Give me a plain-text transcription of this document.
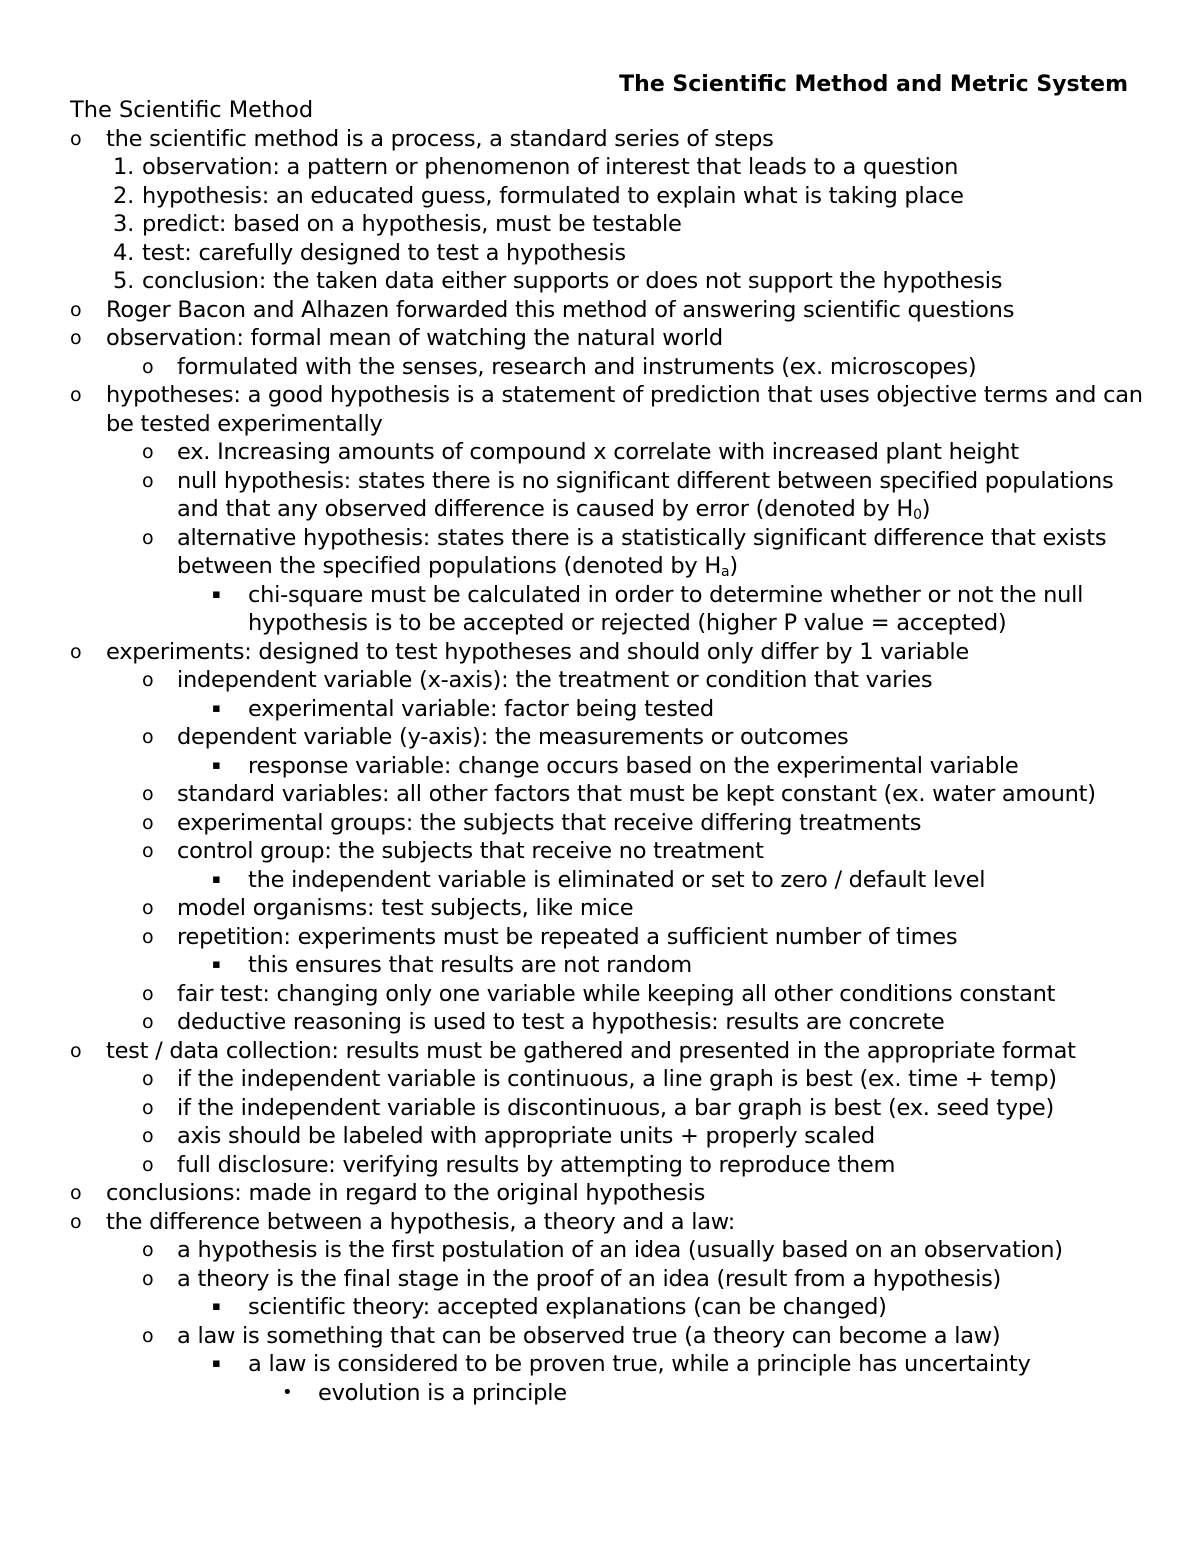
The Scientific Method and Metric System
The Scientific Method
o	the scientific method is a process, a standard series of steps
1. observation: a pattern or phenomenon of interest that leads to a question
2. hypothesis: an educated guess, formulated to explain what is taking place
3. predict: based on a hypothesis, must be testable
4. test: carefully designed to test a hypothesis
5. conclusion: the taken data either supports or does not support the hypothesis
o	Roger Bacon and Alhazen forwarded this method of answering scientific questions
o	observation: formal mean of watching the natural world
o	formulated with the senses, research and instruments (ex. microscopes)
o	hypotheses: a good hypothesis is a statement of prediction that uses objective terms and can be tested experimentally
o	ex. Increasing amounts of compound x correlate with increased plant height
o	null hypothesis: states there is no significant different between specified populations and that any observed difference is caused by error (denoted by $H_0$)
o	alternative hypothesis: states there is a statistically significant difference that exists between the specified populations (denoted by $H_a$)
▪	chi-square must be calculated in order to determine whether or not the null hypothesis is to be accepted or rejected (higher P value = accepted)
o	experiments: designed to test hypotheses and should only differ by 1 variable
o	independent variable (x-axis): the treatment or condition that varies
▪	experimental variable: factor being tested
o	dependent variable (y-axis): the measurements or outcomes
▪	response variable: change occurs based on the experimental variable
o	standard variables: all other factors that must be kept constant (ex. water amount)
o	experimental groups: the subjects that receive differing treatments
o	control group: the subjects that receive no treatment
▪	the independent variable is eliminated or set to zero / default level
o	model organisms: test subjects, like mice
o	repetition: experiments must be repeated a sufficient number of times
▪	this ensures that results are not random
o	fair test: changing only one variable while keeping all other conditions constant
o	deductive reasoning is used to test a hypothesis: results are concrete
o	test / data collection: results must be gathered and presented in the appropriate format
o	if the independent variable is continuous, a line graph is best (ex. time + temp)
o	if the independent variable is discontinuous, a bar graph is best (ex. seed type)
o	axis should be labeled with appropriate units + properly scaled
o	full disclosure: verifying results by attempting to reproduce them
o	conclusions: made in regard to the original hypothesis
o	the difference between a hypothesis, a theory and a law:
o	a hypothesis is the first postulation of an idea (usually based on an observation)
o	a theory is the final stage in the proof of an idea (result from a hypothesis)
▪	scientific theory: accepted explanations (can be changed)
o	a law is something that can be observed true (a theory can become a law)
▪	a law is considered to be proven true, while a principle has uncertainty
•	evolution is a principle
